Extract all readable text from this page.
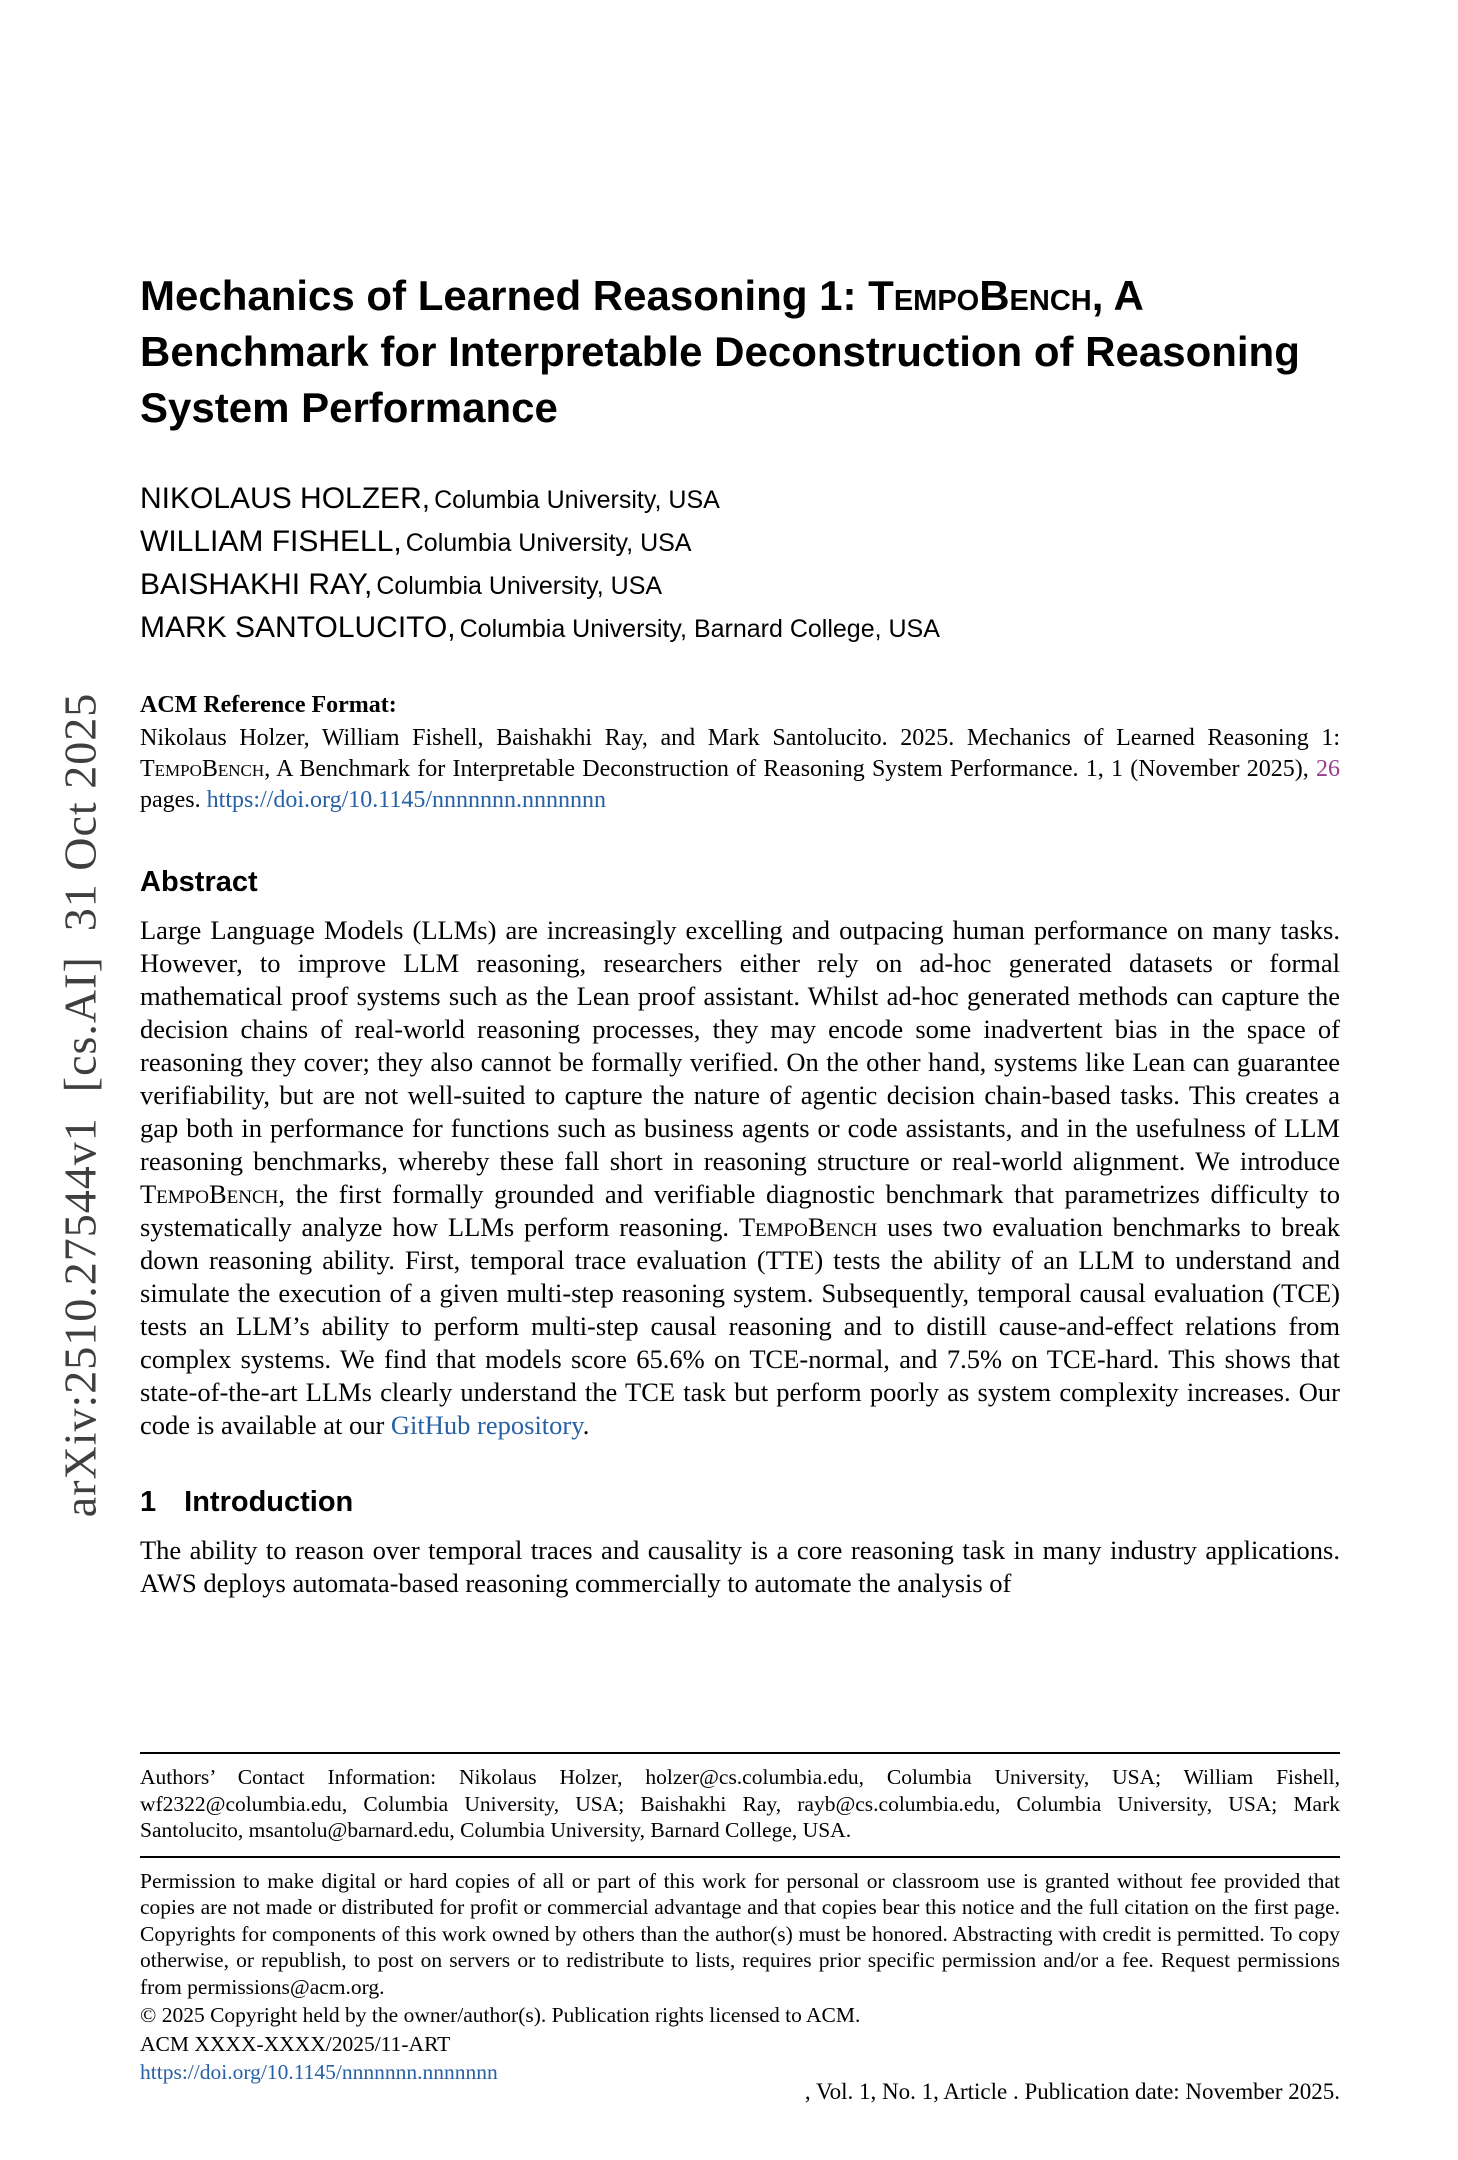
arXiv:2510.27544v1  [cs.AI]  31 Oct 2025
Mechanics of Learned Reasoning 1: TempoBench, A Benchmark for Interpretable Deconstruction of Reasoning System Performance
NIKOLAUS HOLZER, Columbia University, USA
WILLIAM FISHELL, Columbia University, USA
BAISHAKHI RAY, Columbia University, USA
MARK SANTOLUCITO, Columbia University, Barnard College, USA
ACM Reference Format:

Nikolaus Holzer, William Fishell, Baishakhi Ray, and Mark Santolucito. 2025. Mechanics of Learned Reasoning 1: TempoBench, A Benchmark for Interpretable Deconstruction of Reasoning System Performance. 1, 1 (November 2025), 26 pages. https://doi.org/10.1145/nnnnnnn.nnnnnnn

Abstract

Large Language Models (LLMs) are increasingly excelling and outpacing human performance on many tasks. However, to improve LLM reasoning, researchers either rely on ad-hoc generated datasets or formal mathematical proof systems such as the Lean proof assistant. Whilst ad-hoc generated methods can capture the decision chains of real-world reasoning processes, they may encode some inadvertent bias in the space of reasoning they cover; they also cannot be formally verified. On the other hand, systems like Lean can guarantee verifiability, but are not well-suited to capture the nature of agentic decision chain-based tasks. This creates a gap both in performance for functions such as business agents or code assistants, and in the usefulness of LLM reasoning benchmarks, whereby these fall short in reasoning structure or real-world alignment. We introduce TempoBench, the first formally grounded and verifiable diagnostic benchmark that parametrizes difficulty to systematically analyze how LLMs perform reasoning. TempoBench uses two evaluation benchmarks to break down reasoning ability. First, temporal trace evaluation (TTE) tests the ability of an LLM to understand and simulate the execution of a given multi-step reasoning system. Subsequently, temporal causal evaluation (TCE) tests an LLM’s ability to perform multi-step causal reasoning and to distill cause-and-effect relations from complex systems. We find that models score 65.6% on TCE-normal, and 7.5% on TCE-hard. This shows that state-of-the-art LLMs clearly understand the TCE task but perform poorly as system complexity increases. Our code is available at our GitHub repository.

1 Introduction

The ability to reason over temporal traces and causality is a core reasoning task in many industry applications. AWS deploys automata-based reasoning commercially to automate the analysis of

Authors’ Contact Information: Nikolaus Holzer, holzer@cs.columbia.edu, Columbia University, USA; William Fishell, wf2322@columbia.edu, Columbia University, USA; Baishakhi Ray, rayb@cs.columbia.edu, Columbia University, USA; Mark Santolucito, msantolu@barnard.edu, Columbia University, Barnard College, USA.

Permission to make digital or hard copies of all or part of this work for personal or classroom use is granted without fee provided that copies are not made or distributed for profit or commercial advantage and that copies bear this notice and the full citation on the first page. Copyrights for components of this work owned by others than the author(s) must be honored. Abstracting with credit is permitted. To copy otherwise, or republish, to post on servers or to redistribute to lists, requires prior specific permission and/or a fee. Request permissions from permissions@acm.org.

© 2025 Copyright held by the owner/author(s). Publication rights licensed to ACM.

ACM XXXX-XXXX/2025/11-ART

https://doi.org/10.1145/nnnnnnn.nnnnnnn

, Vol. 1, No. 1, Article . Publication date: November 2025.
